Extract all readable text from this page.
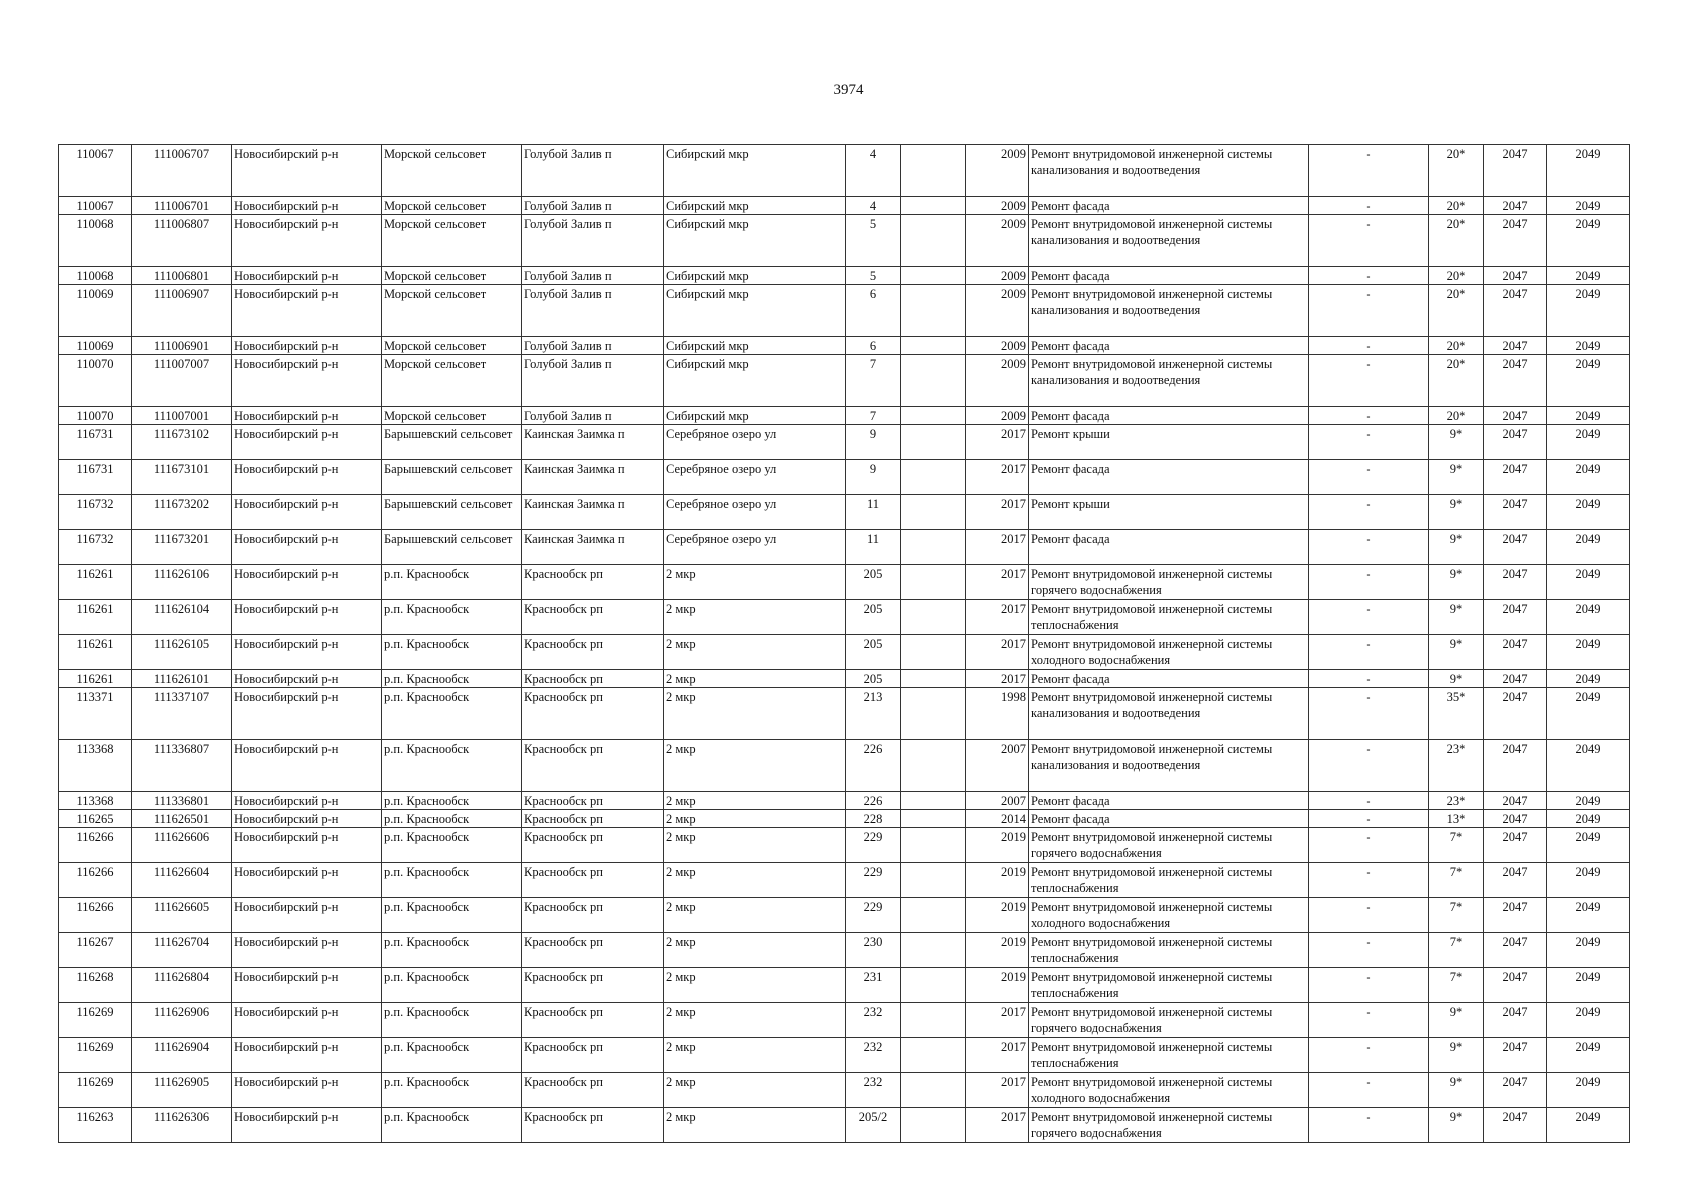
3974
110067	111006707	Новосибирский р-н	Морской сельсовет	Голубой Залив п	Сибирский мкр	4		2009	Ремонт внутридомовой инженерной системы канализования и водоотведения	-	20*	2047	2049
110067	111006701	Новосибирский р-н	Морской сельсовет	Голубой Залив п	Сибирский мкр	4		2009	Ремонт фасада	-	20*	2047	2049
110068	111006807	Новосибирский р-н	Морской сельсовет	Голубой Залив п	Сибирский мкр	5		2009	Ремонт внутридомовой инженерной системы канализования и водоотведения	-	20*	2047	2049
110068	111006801	Новосибирский р-н	Морской сельсовет	Голубой Залив п	Сибирский мкр	5		2009	Ремонт фасада	-	20*	2047	2049
110069	111006907	Новосибирский р-н	Морской сельсовет	Голубой Залив п	Сибирский мкр	6		2009	Ремонт внутридомовой инженерной системы канализования и водоотведения	-	20*	2047	2049
110069	111006901	Новосибирский р-н	Морской сельсовет	Голубой Залив п	Сибирский мкр	6		2009	Ремонт фасада	-	20*	2047	2049
110070	111007007	Новосибирский р-н	Морской сельсовет	Голубой Залив п	Сибирский мкр	7		2009	Ремонт внутридомовой инженерной системы канализования и водоотведения	-	20*	2047	2049
110070	111007001	Новосибирский р-н	Морской сельсовет	Голубой Залив п	Сибирский мкр	7		2009	Ремонт фасада	-	20*	2047	2049
116731	111673102	Новосибирский р-н	Барышевский сельсовет	Каинская Заимка п	Серебряное озеро ул	9		2017	Ремонт крыши	-	9*	2047	2049
116731	111673101	Новосибирский р-н	Барышевский сельсовет	Каинская Заимка п	Серебряное озеро ул	9		2017	Ремонт фасада	-	9*	2047	2049
116732	111673202	Новосибирский р-н	Барышевский сельсовет	Каинская Заимка п	Серебряное озеро ул	11		2017	Ремонт крыши	-	9*	2047	2049
116732	111673201	Новосибирский р-н	Барышевский сельсовет	Каинская Заимка п	Серебряное озеро ул	11		2017	Ремонт фасада	-	9*	2047	2049
116261	111626106	Новосибирский р-н	р.п. Краснообск	Краснообск рп	2 мкр	205		2017	Ремонт внутридомовой инженерной системы горячего водоснабжения	-	9*	2047	2049
116261	111626104	Новосибирский р-н	р.п. Краснообск	Краснообск рп	2 мкр	205		2017	Ремонт внутридомовой инженерной системы теплоснабжения	-	9*	2047	2049
116261	111626105	Новосибирский р-н	р.п. Краснообск	Краснообск рп	2 мкр	205		2017	Ремонт внутридомовой инженерной системы холодного водоснабжения	-	9*	2047	2049
116261	111626101	Новосибирский р-н	р.п. Краснообск	Краснообск рп	2 мкр	205		2017	Ремонт фасада	-	9*	2047	2049
113371	111337107	Новосибирский р-н	р.п. Краснообск	Краснообск рп	2 мкр	213		1998	Ремонт внутридомовой инженерной системы канализования и водоотведения	-	35*	2047	2049
113368	111336807	Новосибирский р-н	р.п. Краснообск	Краснообск рп	2 мкр	226		2007	Ремонт внутридомовой инженерной системы канализования и водоотведения	-	23*	2047	2049
113368	111336801	Новосибирский р-н	р.п. Краснообск	Краснообск рп	2 мкр	226		2007	Ремонт фасада	-	23*	2047	2049
116265	111626501	Новосибирский р-н	р.п. Краснообск	Краснообск рп	2 мкр	228		2014	Ремонт фасада	-	13*	2047	2049
116266	111626606	Новосибирский р-н	р.п. Краснообск	Краснообск рп	2 мкр	229		2019	Ремонт внутридомовой инженерной системы горячего водоснабжения	-	7*	2047	2049
116266	111626604	Новосибирский р-н	р.п. Краснообск	Краснообск рп	2 мкр	229		2019	Ремонт внутридомовой инженерной системы теплоснабжения	-	7*	2047	2049
116266	111626605	Новосибирский р-н	р.п. Краснообск	Краснообск рп	2 мкр	229		2019	Ремонт внутридомовой инженерной системы холодного водоснабжения	-	7*	2047	2049
116267	111626704	Новосибирский р-н	р.п. Краснообск	Краснообск рп	2 мкр	230		2019	Ремонт внутридомовой инженерной системы теплоснабжения	-	7*	2047	2049
116268	111626804	Новосибирский р-н	р.п. Краснообск	Краснообск рп	2 мкр	231		2019	Ремонт внутридомовой инженерной системы теплоснабжения	-	7*	2047	2049
116269	111626906	Новосибирский р-н	р.п. Краснообск	Краснообск рп	2 мкр	232		2017	Ремонт внутридомовой инженерной системы горячего водоснабжения	-	9*	2047	2049
116269	111626904	Новосибирский р-н	р.п. Краснообск	Краснообск рп	2 мкр	232		2017	Ремонт внутридомовой инженерной системы теплоснабжения	-	9*	2047	2049
116269	111626905	Новосибирский р-н	р.п. Краснообск	Краснообск рп	2 мкр	232		2017	Ремонт внутридомовой инженерной системы холодного водоснабжения	-	9*	2047	2049
116263	111626306	Новосибирский р-н	р.п. Краснообск	Краснообск рп	2 мкр	205/2		2017	Ремонт внутридомовой инженерной системы горячего водоснабжения	-	9*	2047	2049
